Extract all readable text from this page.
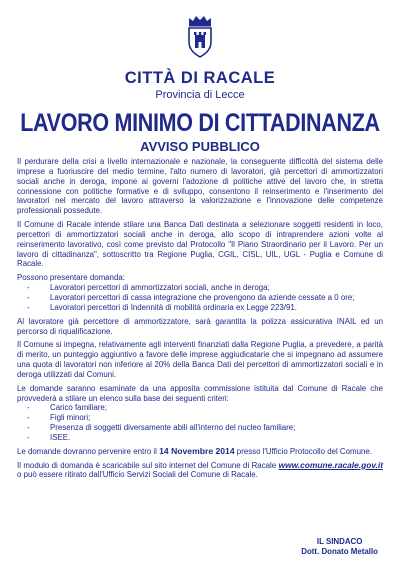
CITTÀ DI RACALE
Provincia di Lecce
LAVORO MINIMO DI CITTADINANZA
AVVISO PUBBLICO

Il perdurare della crisi a livello internazionale e nazionale, la conseguente difficoltà del sistema delle imprese a fuoriuscire del medio termine, l'alto numero di lavoratori, già percettori di ammortizzatori sociali anche in deroga, impone ai governi l'adozione di politiche attive del lavoro che, in stretta connessione con politiche formative e di sviluppo, consentono il reinserimento e l'inserimento dei lavoratori nel mercato del lavoro attraverso la valorizzazione e l'innovazione delle competenze professionali possedute.

Il Comune di Racale intende stilare una Banca Dati destinata a selezionare soggetti residenti in loco, percettori di ammortizzatori sociali anche in deroga, allo scopo di intraprendere azioni volte al reinserimento lavorativo, così come previsto dal Protocollo "Il Piano Straordinario per il Lavoro. Per un lavoro di cittadinanza", sottoscritto tra Regione Puglia, CGIL, CISL, UIL, UGL - Puglia e Comune di Racale.

Possono presentare domanda:

- Lavoratori percettori di ammortizzatori sociali, anche in deroga;
- Lavoratori percettori di cassa integrazione che provengono da aziende cessate a 0 ore;
- Lavoratori percettori di Indennità di mobilità ordinaria ex Legge 223/91.

Al lavoratore già percettore di ammortizzatore, sarà garantita la polizza assicurativa INAIL ed un percorso di riqualificazione.

Il Comune si impegna, relativamente agli interventi finanziati dalla Regione Puglia, a prevedere, a parità di merito, un punteggio aggiuntivo a favore delle imprese aggiudicatarie che si impegnano ad assumere una quota di lavoratori non inferiore al 20% della Banca Dati dei percettori di ammortizzatori sociali e in deroga utilizzati dai Comuni.

Le domande saranno esaminate da una apposita commissione istituita dal Comune di Racale che provvederà a stilare un elenco sulla base dei seguenti criteri:

- Carico familiare;
- Figli minori;
- Presenza di soggetti diversamente abili all'interno del nucleo familiare;
- ISEE.

Le domande dovranno pervenire entro il 14 Novembre 2014 presso l'Ufficio Protocollo del Comune.

Il modulo di domanda è scaricabile sul sito internet del Comune di Racale www.comune.racale.gov.it o può essere ritirato dall'Ufficio Servizi Sociali del Comune di Racale.

IL SINDACO
Dott. Donato Metallo
